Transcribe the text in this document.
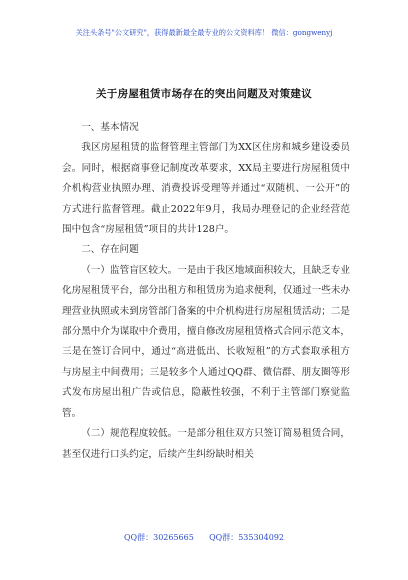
关注头条号"公文研究"，获得最新最全最专业的公文资料库！ 微信：gongwenyj
关于房屋租赁市场存在的突出问题及对策建议

一、基本情况

我区房屋租赁的监督管理主管部门为XX区住房和城乡建设委员会。同时，根据商事登记制度改革要求，XX局主要进行房屋租赁中介机构营业执照办理、消费投诉受理等并通过“双随机、一公开”的方式进行监督管理。截止2022年9月，我局办理登记的企业经营范围中包含“房屋租赁”项目的共计128户。

二、存在问题

（一）监管盲区较大。一是由于我区地域面积较大，且缺乏专业化房屋租赁平台，部分出租方和租赁房为追求便利，仅通过一些未办理营业执照或未到房管部门备案的中介机构进行房屋租赁活动；二是部分黑中介为谋取中介费用，擅自修改房屋租赁格式合同示范文本，三是在签订合同中，通过“高进低出、长收短租”的方式套取承租方与房屋主中间费用；三是较多个人通过QQ群、微信群、朋友圈等形式发布房屋出租广告或信息，隐蔽性较强，不利于主管部门察觉监管。

（二）规范程度较低。一是部分租住双方只签订简易租赁合同，甚至仅进行口头约定，后续产生纠纷缺时相关

QQ群：30265665      QQ群：535304092
